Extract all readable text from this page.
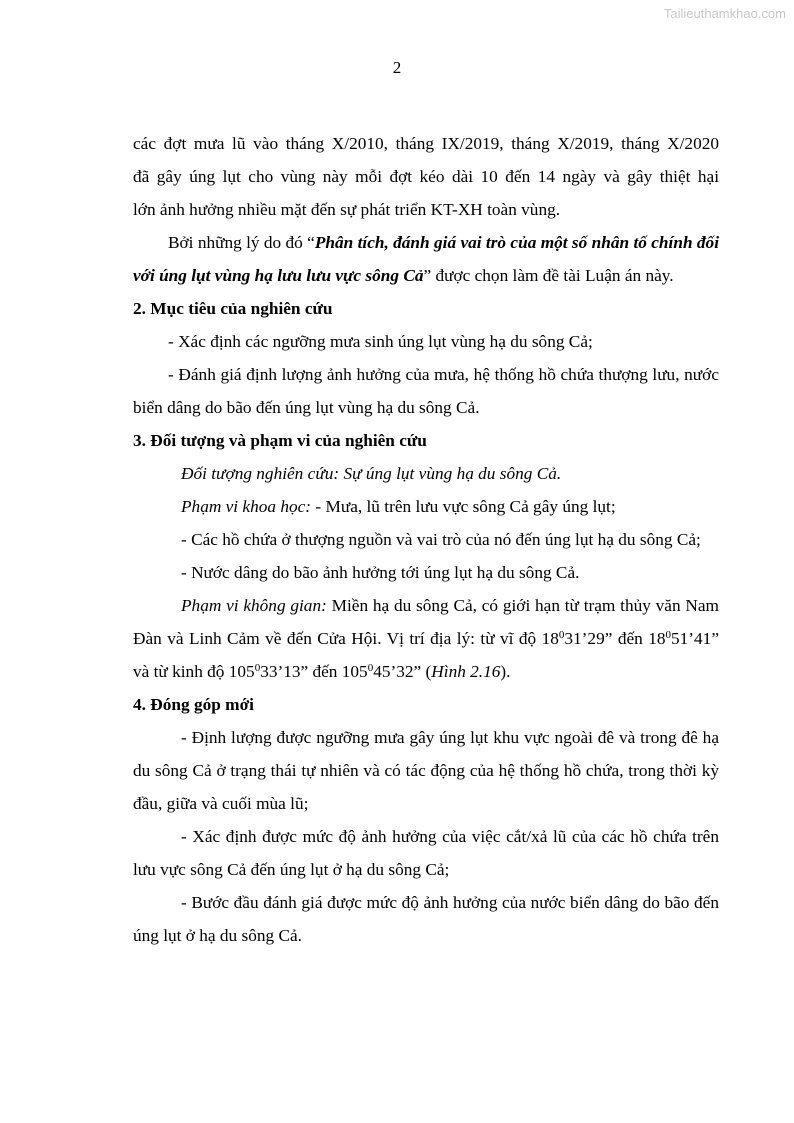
Tailieuthamkhao.com
2

các đợt mưa lũ vào tháng X/2010, tháng IX/2019, tháng X/2019, tháng X/2020

đã gây úng lụt cho vùng này mỗi đợt kéo dài 10 đến 14 ngày và gây thiệt hại

lớn ảnh hưởng nhiều mặt đến sự phát triển KT-XH toàn vùng.

Bởi những lý do đó “Phân tích, đánh giá vai trò của một số nhân tố chính đối với úng lụt vùng hạ lưu lưu vực sông Cả” được chọn làm đề tài Luận án này.

2. Mục tiêu của nghiên cứu

- Xác định các ngưỡng mưa sinh úng lụt vùng hạ du sông Cả;

- Đánh giá định lượng ảnh hưởng của mưa, hệ thống hồ chứa thượng lưu, nước biển dâng do bão đến úng lụt vùng hạ du sông Cả.

3. Đối tượng và phạm vi của nghiên cứu

Đối tượng nghiên cứu: Sự úng lụt vùng hạ du sông Cả.

Phạm vi khoa học: - Mưa, lũ trên lưu vực sông Cả gây úng lụt;

- Các hồ chứa ở thượng nguồn và vai trò của nó đến úng lụt hạ du sông Cả;

- Nước dâng do bão ảnh hưởng tới úng lụt hạ du sông Cả.

Phạm vi không gian: Miền hạ du sông Cả, có giới hạn từ trạm thủy văn Nam Đàn và Linh Cảm về đến Cửa Hội. Vị trí địa lý: từ vĩ độ $18^031’29$” đến $18^051’41$” và từ kinh độ $105^033’13$” đến $105^045’32$” (Hình 2.16).

4. Đóng góp mới

- Định lượng được ngưỡng mưa gây úng lụt khu vực ngoài đê và trong đê hạ du sông Cả ở trạng thái tự nhiên và có tác động của hệ thống hồ chứa, trong thời kỳ đầu, giữa và cuối mùa lũ;

- Xác định được mức độ ảnh hưởng của việc cắt/xả lũ của các hồ chứa trên lưu vực sông Cả đến úng lụt ở hạ du sông Cả;

- Bước đầu đánh giá được mức độ ảnh hưởng của nước biển dâng do bão đến úng lụt ở hạ du sông Cả.
